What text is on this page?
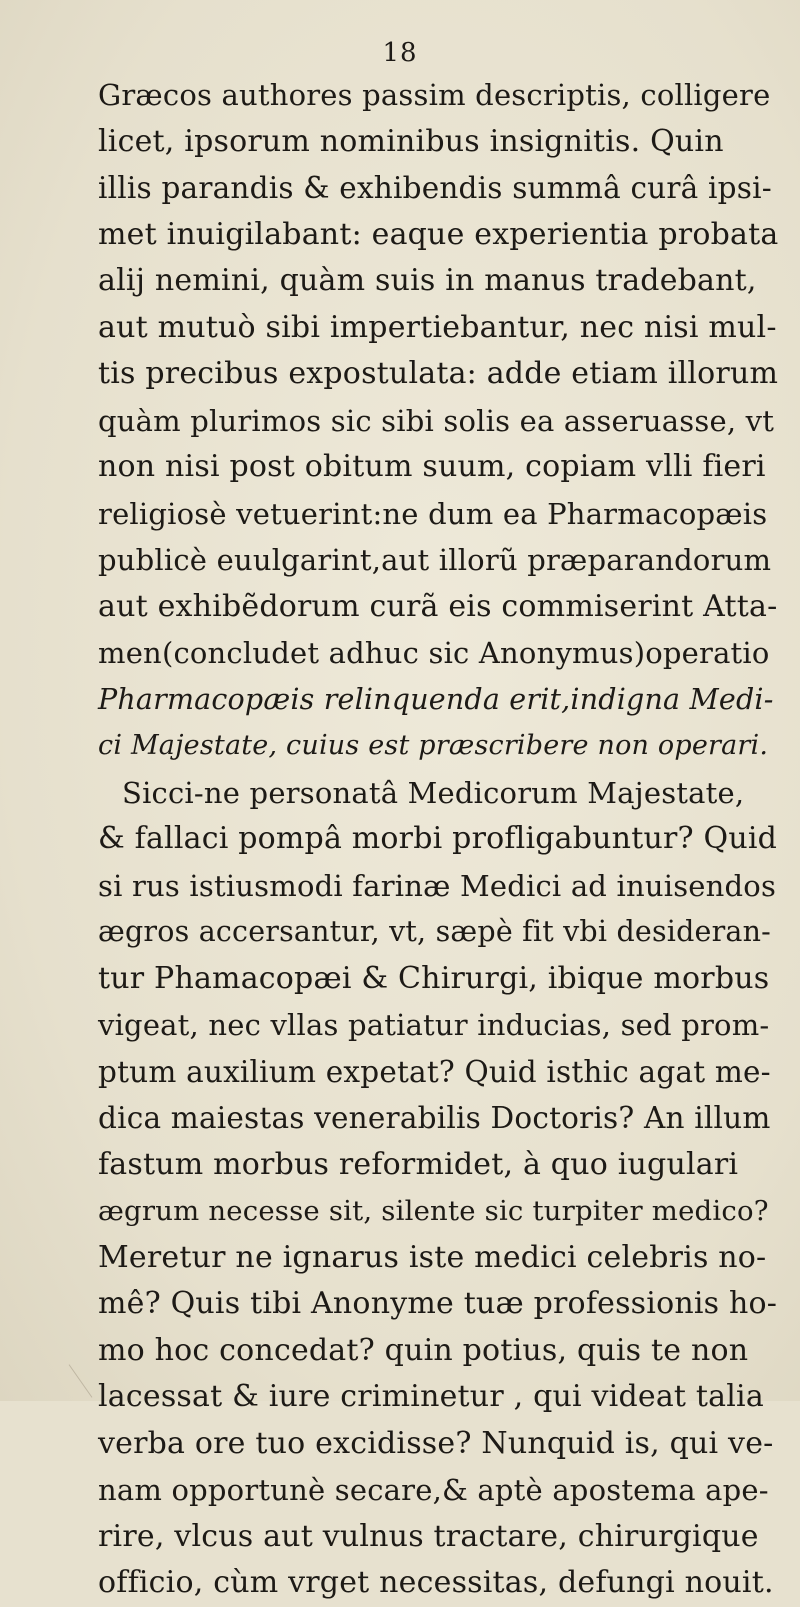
18
Græcos authores passim descriptis, colligere
licet, ipsorum nominibus insignitis. Quin
illis parandis & exhibendis summâ curâ ipsi-
met inuigilabant: eaque experientia probata
alij nemini, quàm suis in manus tradebant,
aut mutuò sibi impertiebantur, nec nisi mul-
tis precibus expostulata: adde etiam illorum
quàm plurimos sic sibi solis ea asseruasse, vt
non nisi post obitum suum, copiam vlli fieri
religiosè vetuerint:ne dum ea Pharmacopæis
publicè euulgarint,aut illorũ præparandorum
aut exhibẽdorum curã eis commiserint Atta-
men(concludet adhuc sic Anonymus)operatio
Pharmacopæis relinquenda erit,indigna Medi-
ci Majestate, cuius est præscribere non operari.
Sicci-ne personatâ Medicorum Majestate,
& fallaci pompâ morbi profligabuntur? Quid
si rus istiusmodi farinæ Medici ad inuisendos
ægros accersantur, vt, sæpè fit vbi desideran-
tur Phamacopæi & Chirurgi, ibique morbus
vigeat, nec vllas patiatur inducias, sed prom-
ptum auxilium expetat? Quid isthic agat me-
dica maiestas venerabilis Doctoris? An illum
fastum morbus reformidet, à quo iugulari
ægrum necesse sit, silente sic turpiter medico?
Meretur ne ignarus iste medici celebris no-
mê? Quis tibi Anonyme tuæ professionis ho-
mo hoc concedat? quin potius, quis te non
lacessat & iure criminetur , qui videat talia
verba ore tuo excidisse? Nunquid is, qui ve-
nam opportunè secare,& aptè apostema ape-
rire, vlcus aut vulnus tractare, chirurgique
officio, cùm vrget necessitas, defungi nouit.
